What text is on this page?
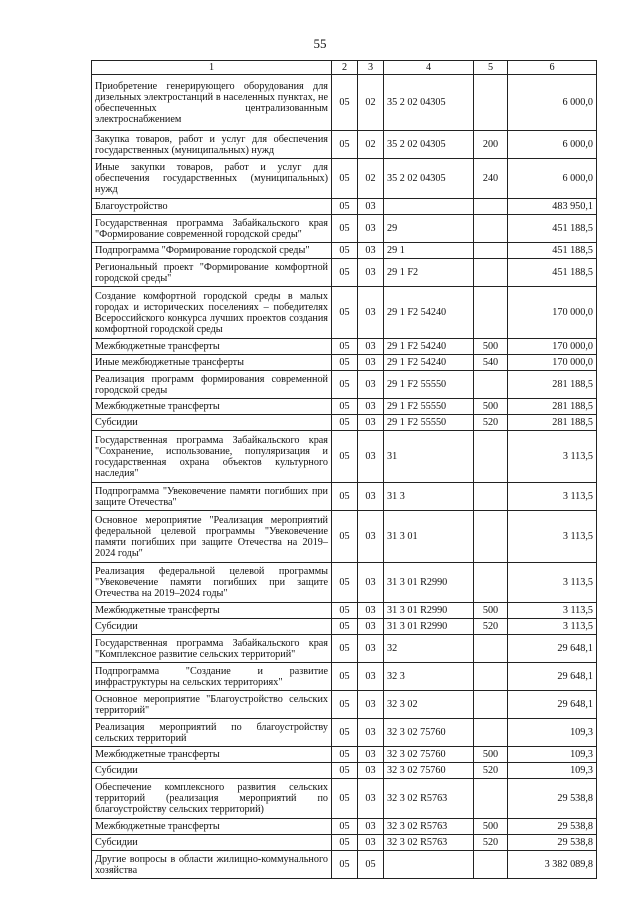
55
1	2	3	4	5	6
Приобретение генерирующего оборудования для дизельных электростанций в населенных пунктах, не обеспеченных централизованным электроснабжением	05	02	35 2 02 04305		6 000,0
Закупка товаров, работ и услуг для обеспечения государственных (муниципальных) нужд	05	02	35 2 02 04305	200	6 000,0
Иные закупки товаров, работ и услуг для обеспечения государственных (муниципальных) нужд	05	02	35 2 02 04305	240	6 000,0
Благоустройство	05	03			483 950,1
Государственная программа Забайкальского края "Формирование современной городской среды"	05	03	29		451 188,5
Подпрограмма "Формирование городской среды"	05	03	29 1		451 188,5
Региональный проект "Формирование комфортной городской среды"	05	03	29 1 F2		451 188,5
Создание комфортной городской среды в малых городах и исторических поселениях – победителях Всероссийского конкурса лучших проектов создания комфортной городской среды	05	03	29 1 F2 54240		170 000,0
Межбюджетные трансферты	05	03	29 1 F2 54240	500	170 000,0
Иные межбюджетные трансферты	05	03	29 1 F2 54240	540	170 000,0
Реализация программ формирования современной городской среды	05	03	29 1 F2 55550		281 188,5
Межбюджетные трансферты	05	03	29 1 F2 55550	500	281 188,5
Субсидии	05	03	29 1 F2 55550	520	281 188,5
Государственная программа Забайкальского края "Сохранение, использование, популяризация и государственная охрана объектов культурного наследия"	05	03	31		3 113,5
Подпрограмма "Увековечение памяти погибших при защите Отечества"	05	03	31 3		3 113,5
Основное мероприятие "Реализация мероприятий федеральной целевой программы "Увековечение памяти погибших при защите Отечества на 2019–2024 годы"	05	03	31 3 01		3 113,5
Реализация федеральной целевой программы "Увековечение памяти погибших при защите Отечества на 2019–2024 годы"	05	03	31 3 01 R2990		3 113,5
Межбюджетные трансферты	05	03	31 3 01 R2990	500	3 113,5
Субсидии	05	03	31 3 01 R2990	520	3 113,5
Государственная программа Забайкальского края "Комплексное развитие сельских территорий"	05	03	32		29 648,1
Подпрограмма "Создание и развитие инфраструктуры на сельских территориях"	05	03	32 3		29 648,1
Основное мероприятие "Благоустройство сельских территорий"	05	03	32 3 02		29 648,1
Реализация мероприятий по благоустройству сельских территорий	05	03	32 3 02 75760		109,3
Межбюджетные трансферты	05	03	32 3 02 75760	500	109,3
Субсидии	05	03	32 3 02 75760	520	109,3
Обеспечение комплексного развития сельских территорий (реализация мероприятий по благоустройству сельских территорий)	05	03	32 3 02 R5763		29 538,8
Межбюджетные трансферты	05	03	32 3 02 R5763	500	29 538,8
Субсидии	05	03	32 3 02 R5763	520	29 538,8
Другие вопросы в области жилищно-коммунального хозяйства	05	05			3 382 089,8
